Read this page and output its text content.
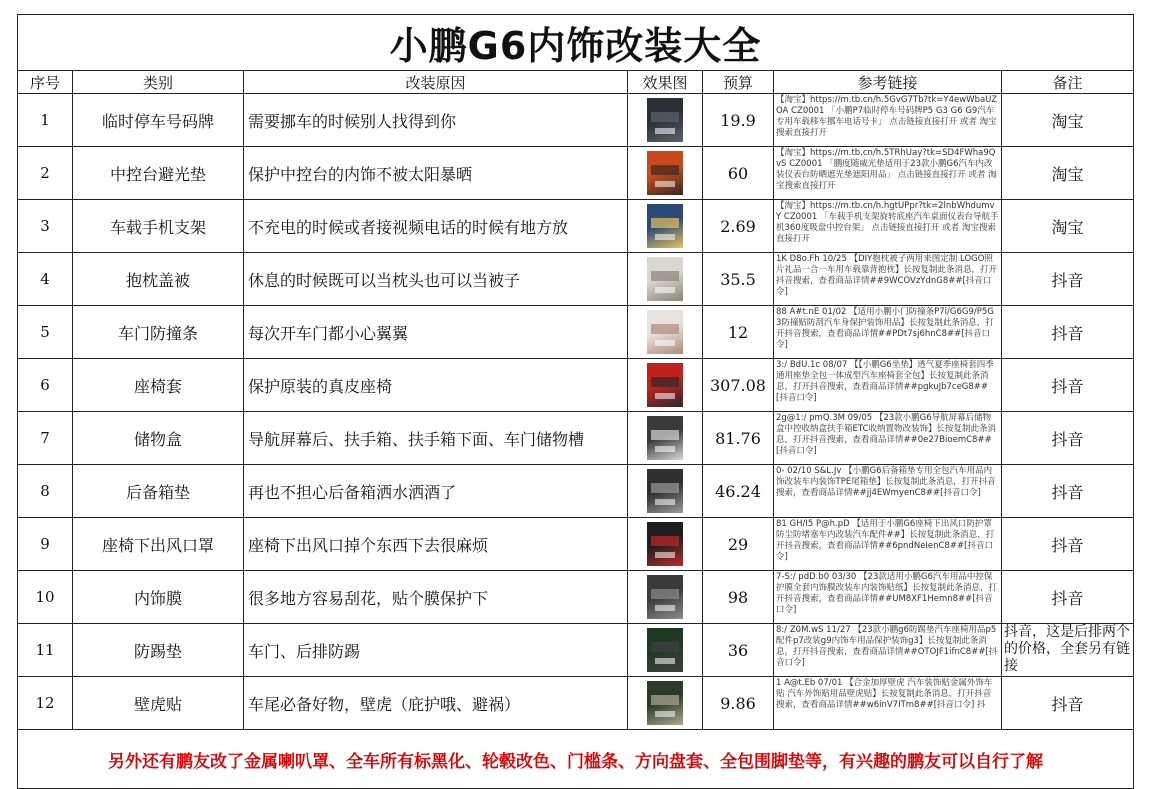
小鹏G6内饰改装大全						
序号	类别	改装原因	效果图	预算	参考链接	备注
1	临时停车号码牌	需要挪车的时候别人找得到你		19.9	【淘宝】https://m.tb.cn/h.5GvG7Tb?tk=Y4ewWbaUZOA CZ0001 「小鹏P7临时停车号码牌P5 G3 G6 G9汽车专用车载移车挪车电话号卡」 点击链接直接打开 或者 淘宝搜索直接打开	淘宝
2	中控台避光垫	保护中控台的内饰不被太阳暴晒		60	【淘宝】https://m.tb.cn/h.5TRhUay?tk=SD4FWha9QvS CZ0001 「鹏度随威光垫适用于23款小鹏G6汽车内改装仪表台防晒遮光垫遮阳用品」 点击链接直接打开 或者 淘宝搜索直接打开	淘宝
3	车载手机支架	不充电的时候或者接视频电话的时候有地方放		2.69	【淘宝】https://m.tb.cn/h.hgtUPpr?tk=2lnbWhdumvY CZ0001 「车载手机支架旋转底座汽车桌面仪表台导航手机360度吸盘中控台架」 点击链接直接打开 或者 淘宝搜索直接打开	淘宝
4	抱枕盖被	休息的时候既可以当枕头也可以当被子		35.5	1K D8o.Fh 10/25 【DIY抱枕被子两用来图定制 LOGO照片礼品一合一车用车载靠背抱枕】长按复制此条消息，打开抖音搜索，查看商品详情##9WCOVzYdnG8##[抖音口令]	抖音
5	车门防撞条	每次开车门都小心翼翼		12	88 A#t.nE 01/02 【适用小鹏小门防撞条P7i/G6G9/P5G3防撞贴防刮汽车身保护装饰用品】长按复制此条消息，打开抖音搜索，查看商品详情##PDt7sj6hnC8##[抖音口令]	抖音
6	座椅套	保护原装的真皮座椅		307.08	3:/ BdU.1c 08/07 【【小鹏G6坐垫】透气夏季座椅套四季通用座垫全包一体成型汽车座椅套全包】长按复制此条消息，打开抖音搜索，查看商品详情##pgkuJb7ceG8##[抖音口令]	抖音
7	储物盒	导航屏幕后、扶手箱、扶手箱下面、车门储物槽		81.76	2g@1:/ pmQ.3M 09/05 【23款小鹏G6导航屏幕后储物盒中控收纳盒扶手箱ETC收纳置物改装饰】长按复制此条消息，打开抖音搜索，查看商品详情##0e27BioemC8##[抖音口令]	抖音
8	后备箱垫	再也不担心后备箱洒水洒酒了		46.24	0- 02/10 S&L.Jv 【小鹏G6后备箱垫专用全包汽车用品内饰改装车内装饰TPE尾箱垫】长按复制此条消息，打开抖音搜索，查看商品详情##jj4EWmyenC8##[抖音口令]	抖音
9	座椅下出风口罩	座椅下出风口掉个东西下去很麻烦		29	81 GH/I5 P@h.pD 【适用于小鹏G6座椅下出风口防护罩防尘防堵塞车内改装汽车配件##】长按复制此条消息，打开抖音搜索，查看商品详情##6pndNeIenC8##[抖音口令]	抖音
10	内饰膜	很多地方容易刮花，贴个膜保护下		98	7-S:/ pdD.b0 03/30 【23款适用小鹏G6汽车用品中控保护膜全套内饰膜改装车内装饰贴纸】长按复制此条消息，打开抖音搜索，查看商品详情##UM8XF1Hemn8##[抖音口令]	抖音
11	防踢垫	车门、后排防踢		36	8:/ Z0M.wS 11/27 【23款小鹏g6防踢垫汽车座椅用品p5配件p7改装g9内饰车用品保护装饰g3】长按复制此条消息，打开抖音搜索，查看商品详情##OTOJF1ifnC8##[抖音口令]	抖音，这是后排两个的价格，全套另有链接
12	壁虎贴	车尾必备好物，壁虎（庇护哦、避祸）		9.86	1 A@t.Eb 07/01 【合金加厚壁虎 汽车装饰贴金属外饰车贴 汽车外饰贴用品壁虎贴】长按复制此条消息，打开抖音搜索，查看商品详情##w6inV7ITm8##[抖音口令] 抖	抖音
另外还有鹏友改了金属喇叭罩、全车所有标黑化、轮毂改色、门槛条、方向盘套、全包围脚垫等，有兴趣的鹏友可以自行了解						
